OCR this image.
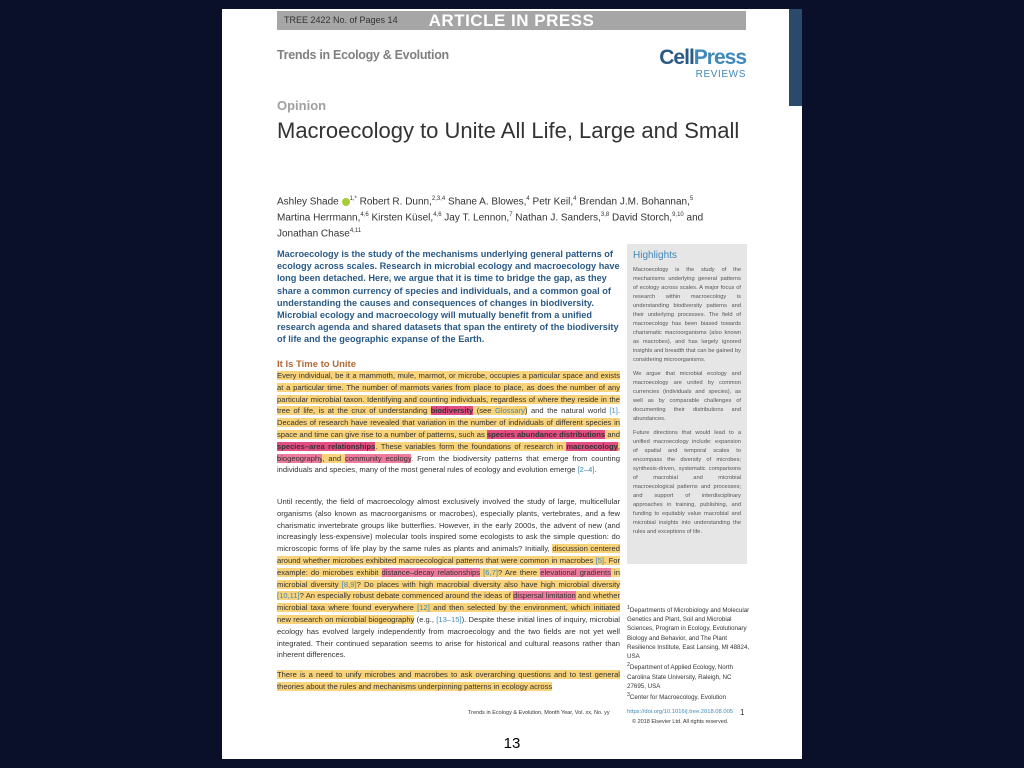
TREE 2422 No. of Pages 14	ARTICLE IN PRESS
Trends in Ecology & Evolution	CellPress
REVIEWS
Opinion
Macroecology to Unite All Life, Large and Small
Ashley Shade $^{1,*}$ Robert R. Dunn,$^{2,3,4}$ Shane A. Blowes,$^4$ Petr Keil,$^4$ Brendan J.M. Bohannan,$^5$
Martina Herrmann,$^{4,6}$ Kirsten Küsel,$^{4,6}$ Jay T. Lennon,$^7$ Nathan J. Sanders,$^{3,8}$ David Storch,$^{9,10}$ and
Jonathan Chase$^{4,11}$
Macroecology is the study of the mechanisms underlying general patterns of ecology across scales. Research in microbial ecology and macroecology have long been detached. Here, we argue that it is time to bridge the gap, as they share a common currency of species and individuals, and a common goal of understanding the causes and consequences of changes in biodiversity. Microbial ecology and macroecology will mutually benefit from a unified research agenda and shared datasets that span the entirety of the biodiversity of life and the geographic expanse of the Earth.
It Is Time to Unite
Every individual, be it a mammoth, mule, marmot, or microbe, occupies a particular space and exists at a particular time. The number of marmots varies from place to place, as does the number of any particular microbial taxon. Identifying and counting individuals, regardless of where they reside in the tree of life, is at the crux of understanding biodiversity (see Glossary) and the natural world [1]. Decades of research have revealed that variation in the number of individuals of different species in space and time can give rise to a number of patterns, such as species abundance distributions and species–area relationships. These variables form the foundations of research in macroecology, biogeography, and community ecology. From the biodiversity patterns that emerge from counting individuals and species, many of the most general rules of ecology and evolution emerge [2–4].
Until recently, the field of macroecology almost exclusively involved the study of large, multicellular organisms (also known as macroorganisms or macrobes), especially plants, vertebrates, and a few charismatic invertebrate groups like butterflies. However, in the early 2000s, the advent of new (and increasingly less-expensive) molecular tools inspired some ecologists to ask the simple question: do microscopic forms of life play by the same rules as plants and animals? Initially, discussion centered around whether microbes exhibited macroecological patterns that were common in macrobes [5]. For example: do microbes exhibit distance–decay relationships [6,7]? Are there elevational gradients in microbial diversity [8,9]? Do places with high macrobial diversity also have high microbial diversity [10,11]? An especially robust debate commenced around the ideas of dispersal limitation and whether microbial taxa where found everywhere [12] and then selected by the environment, which initiated new research on microbial biogeography (e.g., [13–15]). Despite these initial lines of inquiry, microbial ecology has evolved largely independently from macroecology and the two fields are not yet well integrated. Their continued separation seems to arise for historical and cultural reasons rather than inherent differences.
There is a need to unify microbes and macrobes to ask overarching questions and to test general theories about the rules and mechanisms underpinning patterns in ecology across
Highlights

Macroecology is the study of the mechanisms underlying general patterns of ecology across scales. A major focus of research within macroecology is understanding biodiversity patterns and their underlying processes. The field of macroecology has been biased towards charismatic macroorganisms (also known as macrobes), and has largely ignored insights and breadth that can be gained by considering microorganisms.

We argue that microbial ecology and macroecology are united by common currencies (individuals and species), as well as by comparable challenges of documenting their distributions and abundances.

Future directions that would lead to a unified macroecology include: expansion of spatial and temporal scales to encompass the diversity of microbes; synthesis-driven, systematic comparisons of macrobial and microbial macroecological patterns and processes; and support of interdisciplinary approaches in training, publishing, and funding to equitably value macrobial and microbial insights into understanding the rules and exceptions of life.

$^1$Departments of Microbiology and Molecular Genetics and Plant, Soil and Microbial Sciences, Program in Ecology, Evolutionary Biology and Behavior, and The Plant Resilience Institute, East Lansing, MI 48824, USA

$^2$Department of Applied Ecology, North Carolina State University, Raleigh, NC 27695, USA

$^3$Center for Macroecology, Evolution

Trends in Ecology & Evolution, Month Year, Vol. xx, No. yy	https://doi.org/10.1016/j.tree.2018.08.005 1
© 2018 Elsevier Ltd. All rights reserved.
13
